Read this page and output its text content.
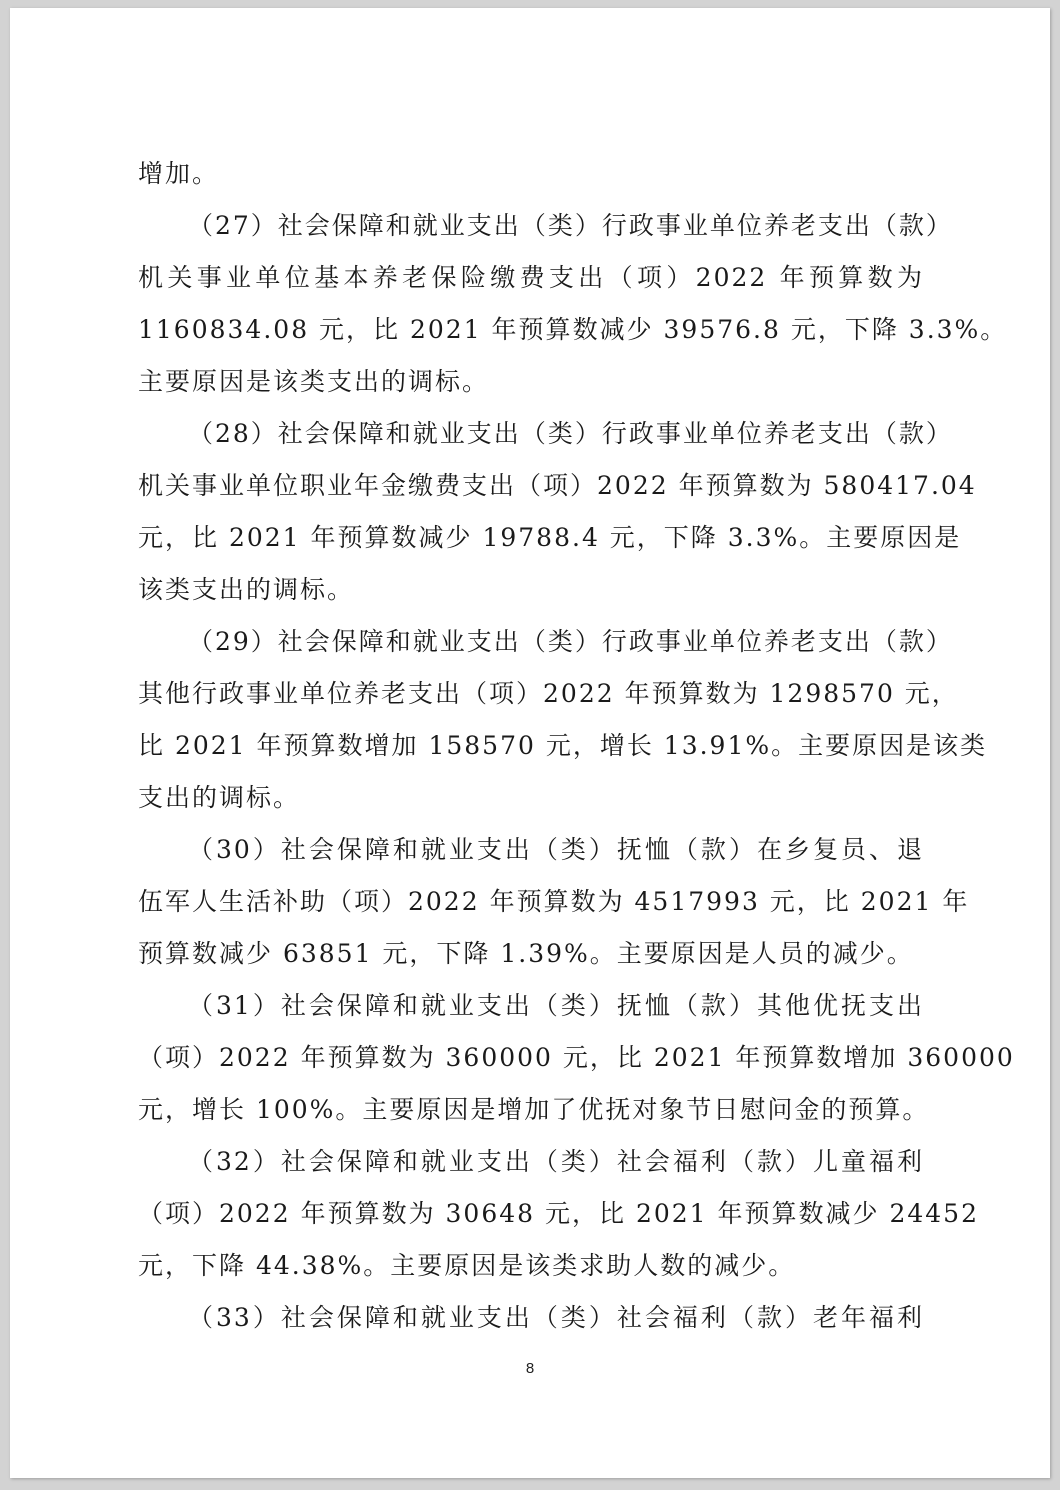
增加。
（27）社会保障和就业支出（类）行政事业单位养老支出（款）
机关事业单位基本养老保险缴费支出（项）2022 年预算数为
1160834.08 元，比 2021 年预算数减少 39576.8 元，下降 3.3%。
主要原因是该类支出的调标。
（28）社会保障和就业支出（类）行政事业单位养老支出（款）
机关事业单位职业年金缴费支出（项）2022 年预算数为 580417.04
元，比 2021 年预算数减少 19788.4 元，下降 3.3%。主要原因是
该类支出的调标。
（29）社会保障和就业支出（类）行政事业单位养老支出（款）
其他行政事业单位养老支出（项）2022 年预算数为 1298570 元，
比 2021 年预算数增加 158570 元，增长 13.91%。主要原因是该类
支出的调标。
（30）社会保障和就业支出（类）抚恤（款）在乡复员、退
伍军人生活补助（项）2022 年预算数为 4517993 元，比 2021 年
预算数减少 63851 元，下降 1.39%。主要原因是人员的减少。
（31）社会保障和就业支出（类）抚恤（款）其他优抚支出
（项）2022 年预算数为 360000 元，比 2021 年预算数增加 360000
元，增长 100%。主要原因是增加了优抚对象节日慰问金的预算。
（32）社会保障和就业支出（类）社会福利（款）儿童福利
（项）2022 年预算数为 30648 元，比 2021 年预算数减少 24452
元，下降 44.38%。主要原因是该类求助人数的减少。
（33）社会保障和就业支出（类）社会福利（款）老年福利
8
